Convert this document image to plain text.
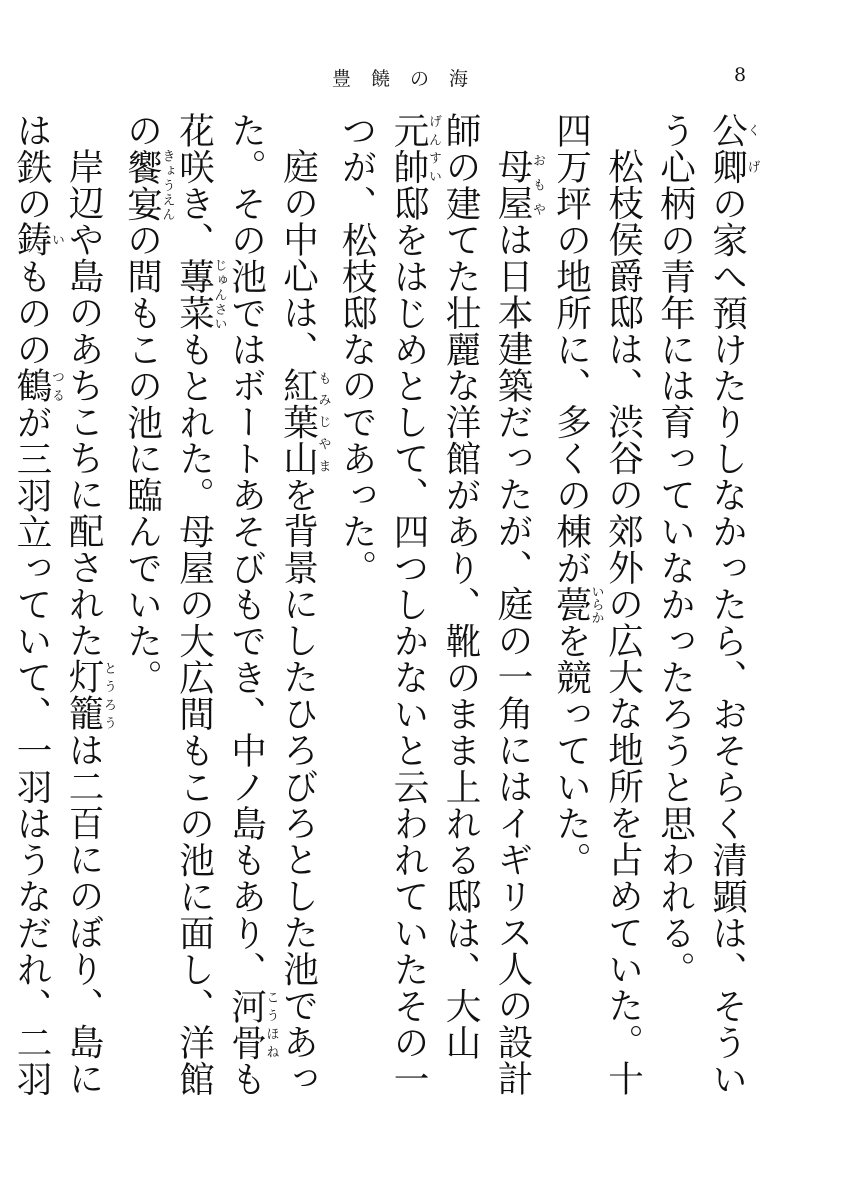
豊饒の海	8

公卿くげの家へ預けたりしなかったら、おそらく清顕は、そういう心柄の青年には育っていなかったろうと思われる。

松枝侯爵邸は、渋谷の郊外の広大な地所を占めていた。十四万坪の地所に、多くの棟が甍いらかを競っていた。

母屋おもやは日本建築だったが、庭の一角にはイギリス人の設計師の建てた壮麗な洋館があり、靴のまま上れる邸は、大山元帥げんすい邸をはじめとして、四つしかないと云われていたその一つが、松枝邸なのであった。

庭の中心は、紅葉山もみじやまを背景にしたひろびろとした池であった。その池ではボートあそびもでき、中ノ島もあり、河骨こうほねも花咲き、蓴菜じゅんさいもとれた。母屋の大広間もこの池に面し、洋館の饗宴きょうえんの間もこの池に臨んでいた。

岸辺や島のあちこちに配された灯籠とうろうは二百にのぼり、島には鉄の鋳いものの鶴つるが三羽立っていて、一羽はうなだれ、二羽
